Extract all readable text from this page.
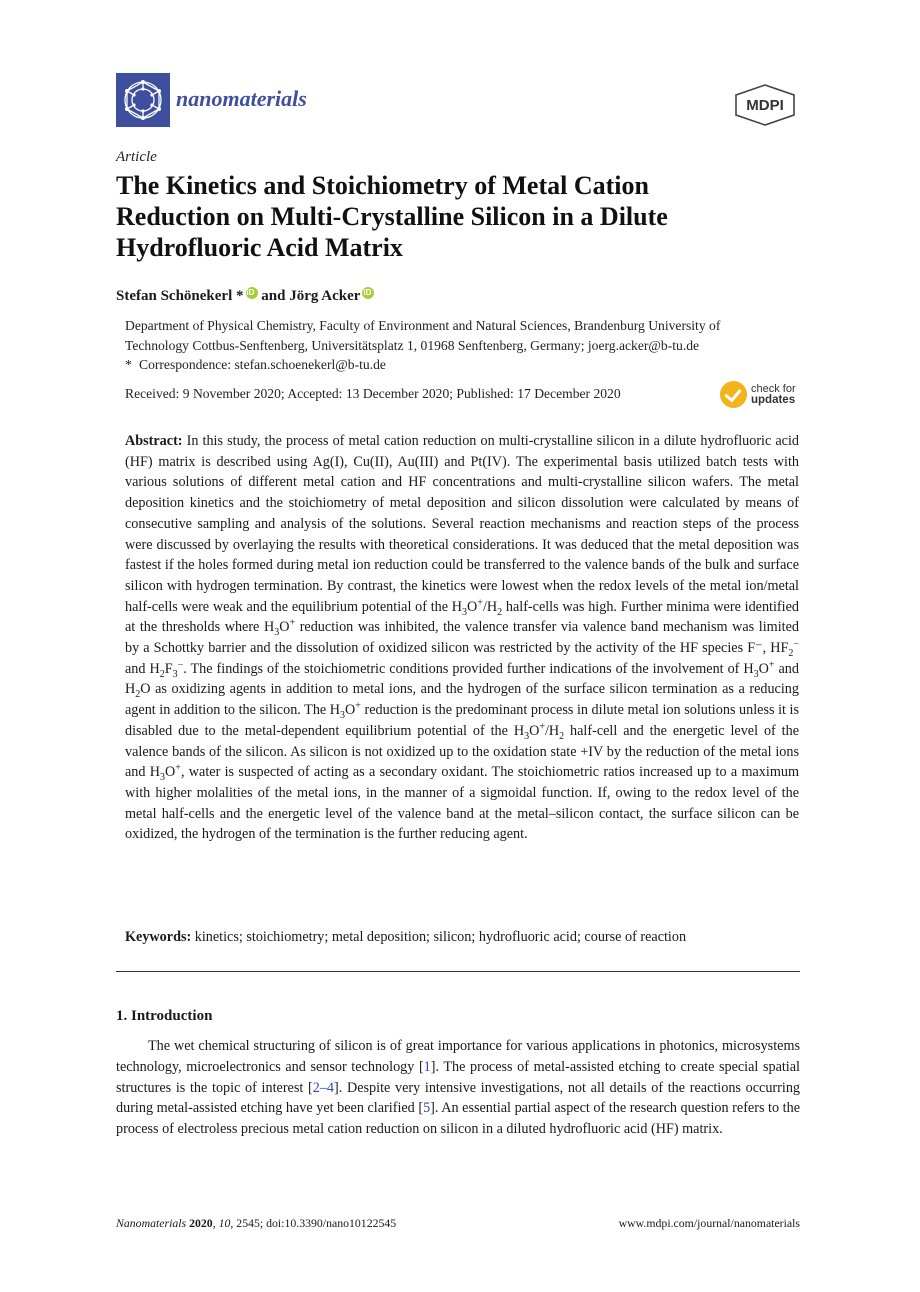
nanomaterials	MDPI
Article
The Kinetics and Stoichiometry of Metal Cation
Reduction on Multi-Crystalline Silicon in a Dilute
Hydrofluoric Acid Matrix
Stefan Schönekerl *iD and Jörg AckeriD
Department of Physical Chemistry, Faculty of Environment and Natural Sciences, Brandenburg University of
Technology Cottbus-Senftenberg, Universitätsplatz 1, 01968 Senftenberg, Germany; joerg.acker@b-tu.de
* Correspondence: stefan.schoenekerl@b-tu.de
Received: 9 November 2020; Accepted: 13 December 2020; Published: 17 December 2020	check for
updates

Abstract: In this study, the process of metal cation reduction on multi-crystalline silicon in a dilute hydrofluoric acid (HF) matrix is described using Ag(I), Cu(II), Au(III) and Pt(IV). The experimental basis utilized batch tests with various solutions of different metal cation and HF concentrations and multi-crystalline silicon wafers. The metal deposition kinetics and the stoichiometry of metal deposition and silicon dissolution were calculated by means of consecutive sampling and analysis of the solutions. Several reaction mechanisms and reaction steps of the process were discussed by overlaying the results with theoretical considerations. It was deduced that the metal deposition was fastest if the holes formed during metal ion reduction could be transferred to the valence bands of the bulk and surface silicon with hydrogen termination. By contrast, the kinetics were lowest when the redox levels of the metal ion/metal half-cells were weak and the equilibrium potential of the $H_3O^+/H_2$ half-cells was high. Further minima were identified at the thresholds where $H_3O^+$ reduction was inhibited, the valence transfer via valence band mechanism was limited by a Schottky barrier and the dissolution of oxidized silicon was restricted by the activity of the HF species F⁻, $HF_2^-$ and $H_2F_3^-$. The findings of the stoichiometric conditions provided further indications of the involvement of $H_3O^+$ and $H_2O$ as oxidizing agents in addition to metal ions, and the hydrogen of the surface silicon termination as a reducing agent in addition to the silicon. The $H_3O^+$ reduction is the predominant process in dilute metal ion solutions unless it is disabled due to the metal-dependent equilibrium potential of the $H_3O^+/H_2$ half-cell and the energetic level of the valence bands of the silicon. As silicon is not oxidized up to the oxidation state +IV by the reduction of the metal ions and $H_3O^+$, water is suspected of acting as a secondary oxidant. The stoichiometric ratios increased up to a maximum with higher molalities of the metal ions, in the manner of a sigmoidal function. If, owing to the redox level of the metal half-cells and the energetic level of the valence band at the metal–silicon contact, the surface silicon can be oxidized, the hydrogen of the termination is the further reducing agent.

Keywords: kinetics; stoichiometry; metal deposition; silicon; hydrofluoric acid; course of reaction
1. Introduction

The wet chemical structuring of silicon is of great importance for various applications in photonics, microsystems technology, microelectronics and sensor technology [1]. The process of metal-assisted etching to create special spatial structures is the topic of interest [2–4]. Despite very intensive investigations, not all details of the reactions occurring during metal-assisted etching have yet been clarified [5]. An essential partial aspect of the research question refers to the process of electroless precious metal cation reduction on silicon in a diluted hydrofluoric acid (HF) matrix.

Nanomaterials 2020, 10, 2545; doi:10.3390/nano10122545	www.mdpi.com/journal/nanomaterials
